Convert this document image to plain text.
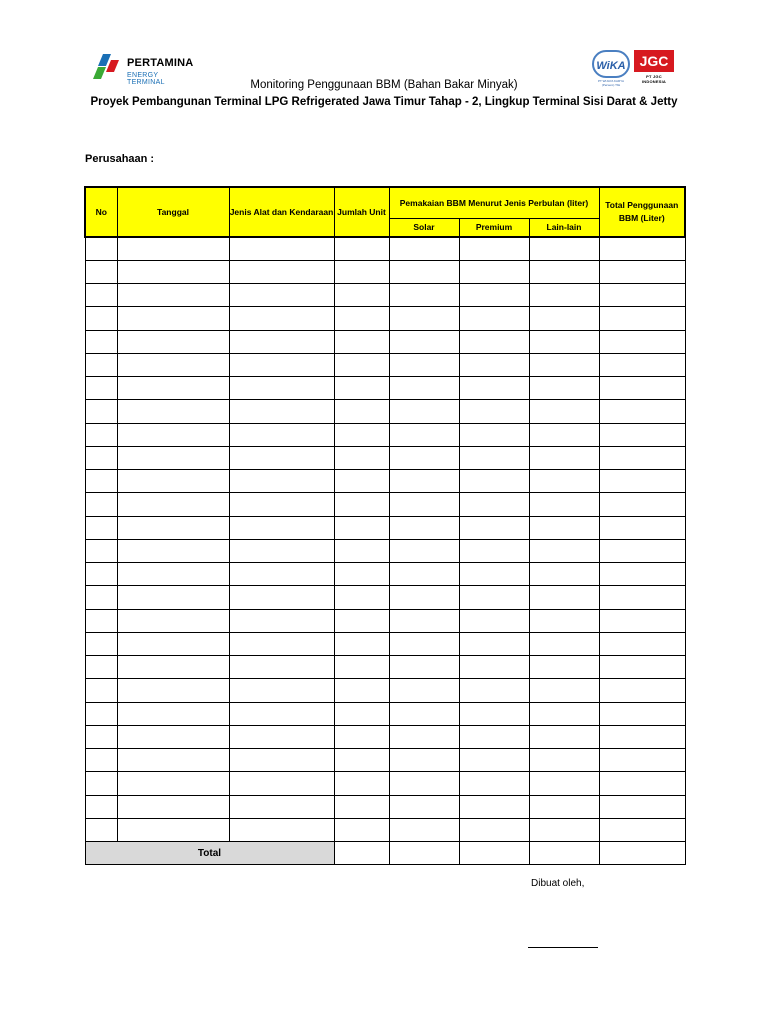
PERTAMINA
ENERGY TERMINAL
WiKA
PT WIJAYA KARYA (Persero) Tbk
JGC
PT JGC INDONESIA
Monitoring Penggunaan BBM (Bahan Bakar Minyak)
Proyek Pembangunan Terminal LPG Refrigerated Jawa Timur Tahap - 2, Lingkup Terminal Sisi Darat & Jetty
Perusahaan :
No	Tanggal	Jenis Alat dan Kendaraan	Jumlah Unit	Pemakaian BBM Menurut Jenis Perbulan (liter)			Total Penggunaan BBM (Liter)
				Solar	Premium	Lain-lain	

Total							
Dibuat oleh,
